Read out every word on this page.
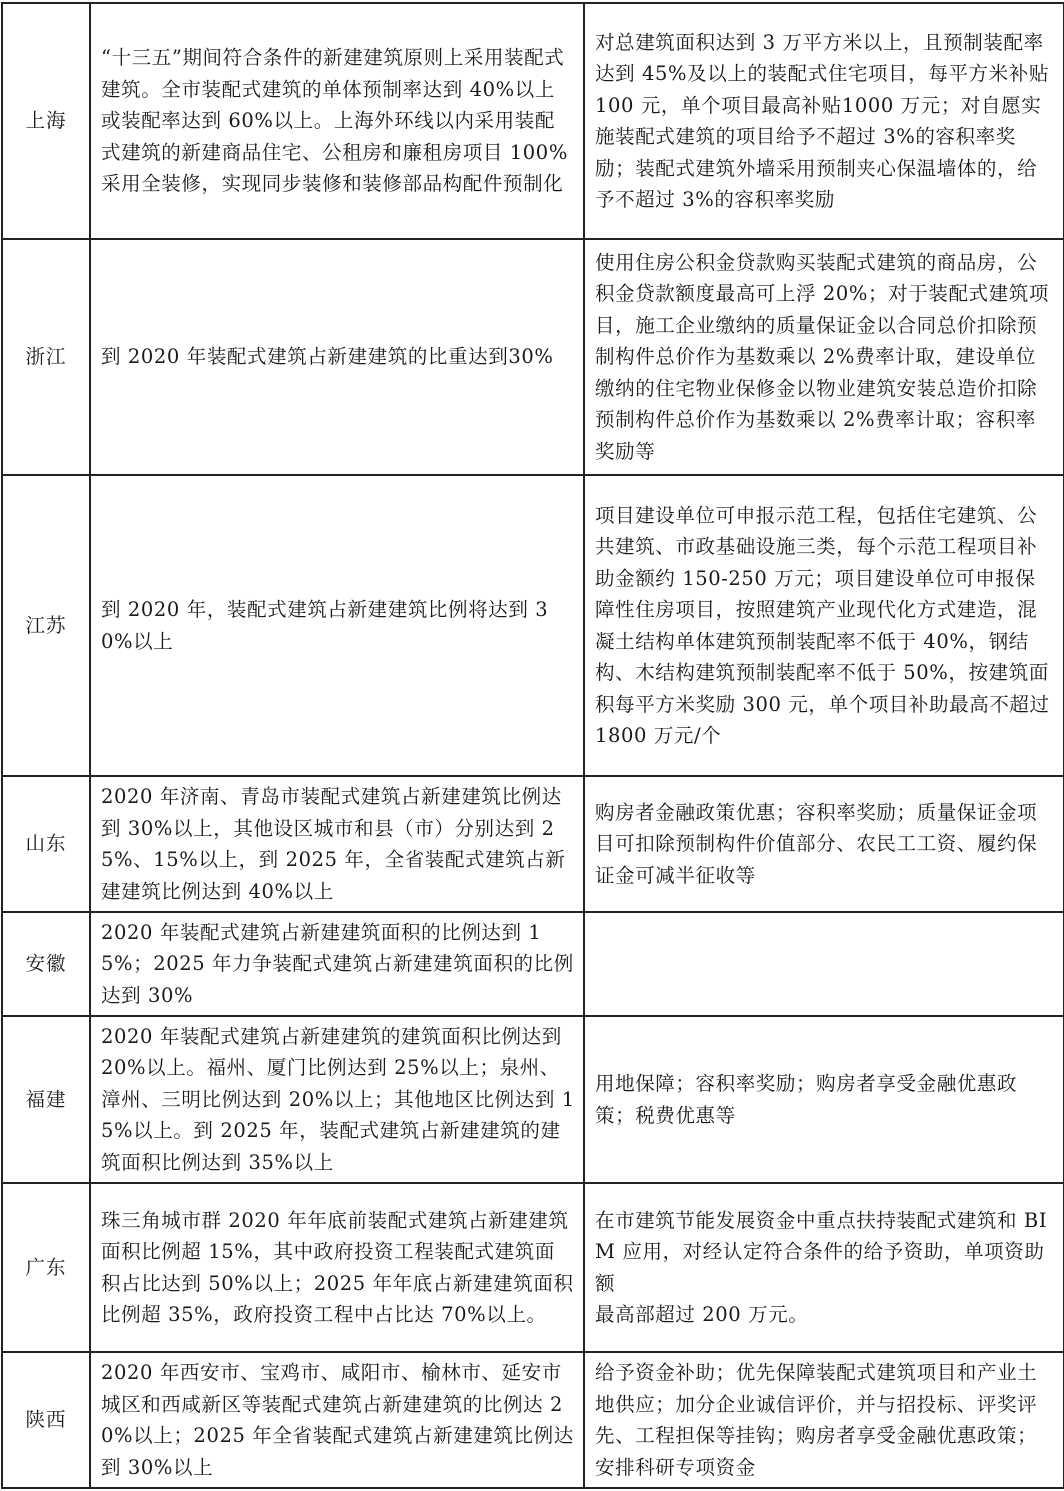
上海	“十三五”期间符合条件的新建建筑原则上采用装配式建筑。全市装配式建筑的单体预制率达到 40%以上或装配率达到 60%以上。上海外环线以内采用装配式建筑的新建商品住宅、公租房和廉租房项目 100%采用全装修，实现同步装修和装修部品构配件预制化	对总建筑面积达到 3 万平方米以上，且预制装配率达到 45%及以上的装配式住宅项目，每平方米补贴 100 元，单个项目最高补贴1000 万元；对自愿实施装配式建筑的项目给予不超过 3%的容积率奖励；装配式建筑外墙采用预制夹心保温墙体的，给予不超过 3%的容积率奖励
浙江	到 2020 年装配式建筑占新建建筑的比重达到30%	使用住房公积金贷款购买装配式建筑的商品房，公积金贷款额度最高可上浮 20%；对于装配式建筑项目，施工企业缴纳的质量保证金以合同总价扣除预制构件总价作为基数乘以 2%费率计取，建设单位缴纳的住宅物业保修金以物业建筑安装总造价扣除预制构件总价作为基数乘以 2%费率计取；容积率奖励等
江苏	到 2020 年，装配式建筑占新建建筑比例将达到 30%以上	项目建设单位可申报示范工程，包括住宅建筑、公共建筑、市政基础设施三类，每个示范工程项目补助金额约 150-250 万元；项目建设单位可申报保障性住房项目，按照建筑产业现代化方式建造，混凝土结构单体建筑预制装配率不低于 40%，钢结构、木结构建筑预制装配率不低于 50%，按建筑面积每平方米奖励 300 元，单个项目补助最高不超过1800 万元/个
山东	2020 年济南、青岛市装配式建筑占新建建筑比例达到 30%以上，其他设区城市和县（市）分别达到 25%、15%以上，到 2025 年，全省装配式建筑占新建建筑比例达到 40%以上	购房者金融政策优惠；容积率奖励；质量保证金项目可扣除预制构件价值部分、农民工工资、履约保证金可减半征收等
安徽	2020 年装配式建筑占新建建筑面积的比例达到 15%；2025 年力争装配式建筑占新建建筑面积的比例达到 30%	
福建	2020 年装配式建筑占新建建筑的建筑面积比例达到 20%以上。福州、厦门比例达到 25%以上；泉州、漳州、三明比例达到 20%以上；其他地区比例达到 15%以上。到 2025 年，装配式建筑占新建建筑的建筑面积比例达到 35%以上	用地保障；容积率奖励；购房者享受金融优惠政策；税费优惠等
广东	珠三角城市群 2020 年年底前装配式建筑占新建建筑面积比例超 15%，其中政府投资工程装配式建筑面积占比达到 50%以上；2025 年年底占新建建筑面积比例超 35%，政府投资工程中占比达 70%以上。	在市建筑节能发展资金中重点扶持装配式建筑和 BIM 应用，对经认定符合条件的给予资助，单项资助额
最高部超过 200 万元。
陕西	2020 年西安市、宝鸡市、咸阳市、榆林市、延安市城区和西咸新区等装配式建筑占新建建筑的比例达 20%以上；2025 年全省装配式建筑占新建建筑比例达到 30%以上	给予资金补助；优先保障装配式建筑项目和产业土地供应；加分企业诚信评价，并与招投标、评奖评先、工程担保等挂钩；购房者享受金融优惠政策；安排科研专项资金
